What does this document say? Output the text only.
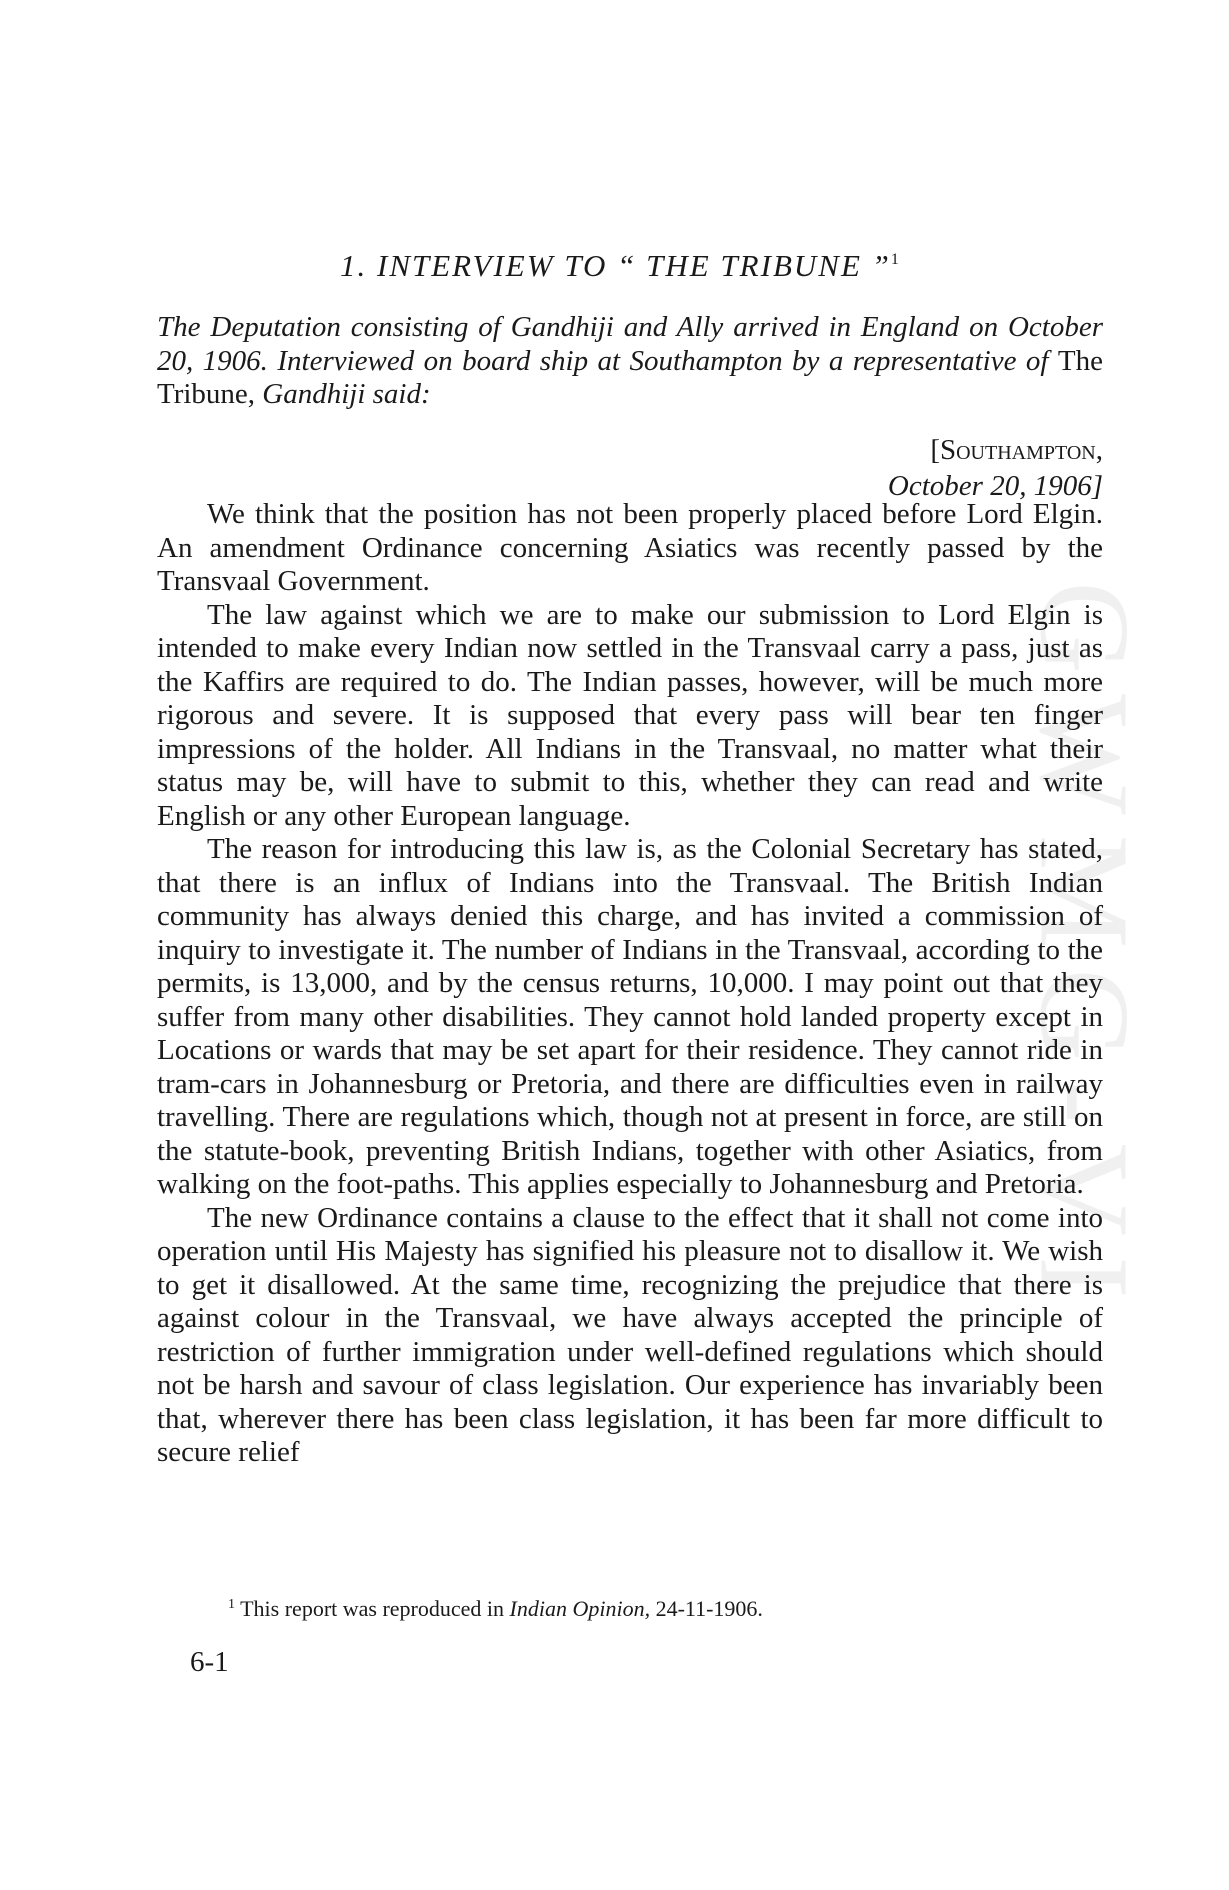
GWMG-VI
1. INTERVIEW TO “ THE TRIBUNE ”$^1$

The Deputation consisting of Gandhiji and Ally arrived in England on October 20, 1906. Interviewed on board ship at Southampton by a representative of The Tribune, Gandhiji said:

[Southampton,
October 20, 1906]

We think that the position has not been properly placed before Lord Elgin. An amendment Ordinance concerning Asiatics was recently passed by the Transvaal Government.

The law against which we are to make our submission to Lord Elgin is intended to make every Indian now settled in the Transvaal carry a pass, just as the Kaffirs are required to do. The Indian passes, however, will be much more rigorous and severe. It is supposed that every pass will bear ten finger impressions of the holder. All Indians in the Transvaal, no matter what their status may be, will have to submit to this, whether they can read and write English or any other European language.

The reason for introducing this law is, as the Colonial Secretary has stated, that there is an influx of Indians into the Transvaal. The British Indian community has always denied this charge, and has invited a commission of inquiry to investigate it. The number of Indians in the Transvaal, according to the permits, is 13,000, and by the census returns, 10,000. I may point out that they suffer from many other disabilities. They cannot hold landed property except in Locations or wards that may be set apart for their residence. They cannot ride in tram-cars in Johannesburg or Pretoria, and there are difficulties even in railway travelling. There are regulations which, though not at present in force, are still on the statute-book, preventing British Indians, together with other Asiatics, from walking on the foot-paths. This applies especially to Johannesburg and Pretoria.

The new Ordinance contains a clause to the effect that it shall not come into operation until His Majesty has signified his pleasure not to disallow it. We wish to get it disallowed. At the same time, recognizing the prejudice that there is against colour in the Transvaal, we have always accepted the principle of restriction of further immigration under well-defined regulations which should not be harsh and savour of class legislation. Our experience has invariably been that, wherever there has been class legislation, it has been far more difficult to secure relief

$^1$ This report was reproduced in Indian Opinion, 24-11-1906.
6-1
